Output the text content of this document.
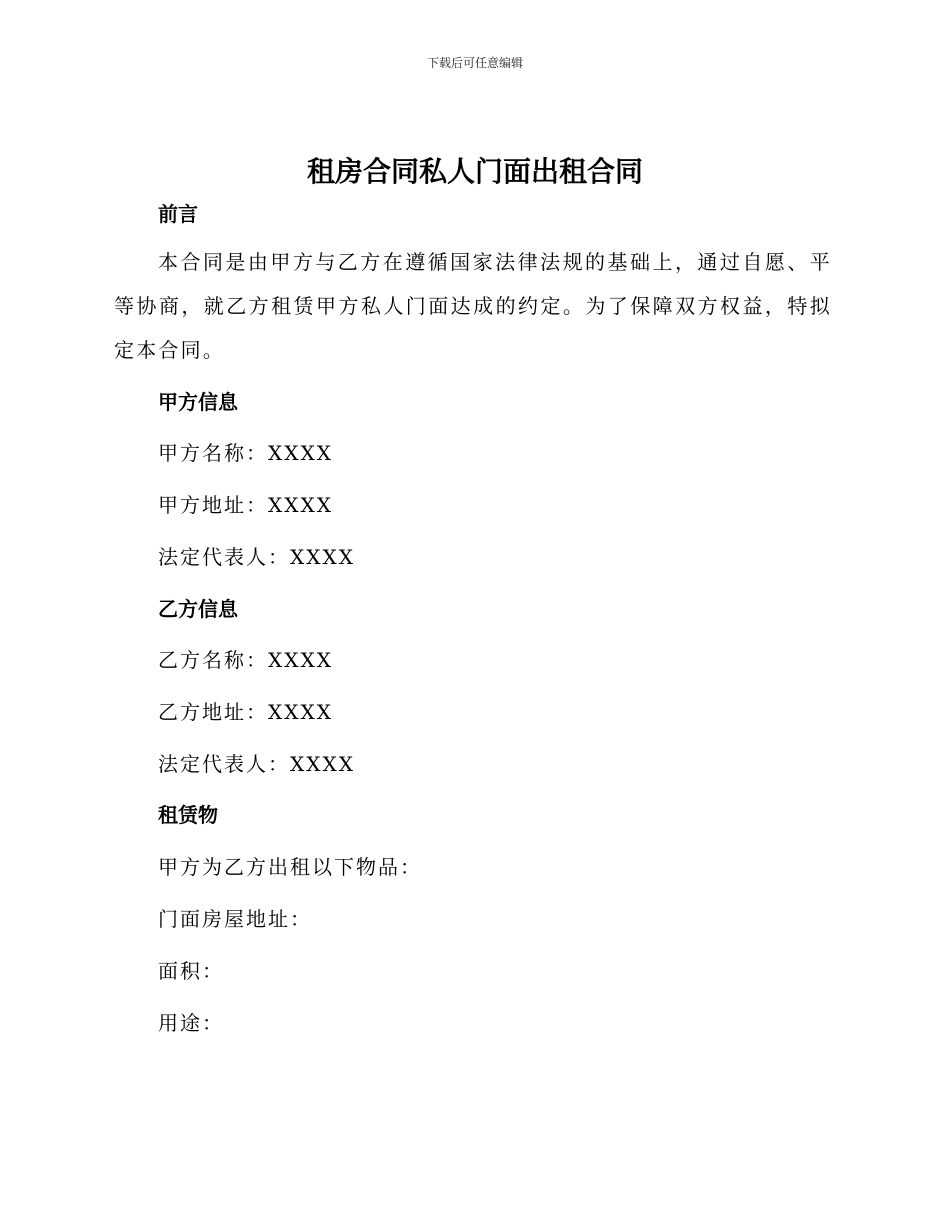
下载后可任意编辑
租房合同私人门面出租合同
前言

本合同是由甲方与乙方在遵循国家法律法规的基础上，通过自愿、平等协商，就乙方租赁甲方私人门面达成的约定。为了保障双方权益，特拟定本合同。

甲方信息

甲方名称：XXXX

甲方地址：XXXX

法定代表人：XXXX

乙方信息

乙方名称：XXXX

乙方地址：XXXX

法定代表人：XXXX

租赁物

甲方为乙方出租以下物品：

门面房屋地址：

面积：

用途：
